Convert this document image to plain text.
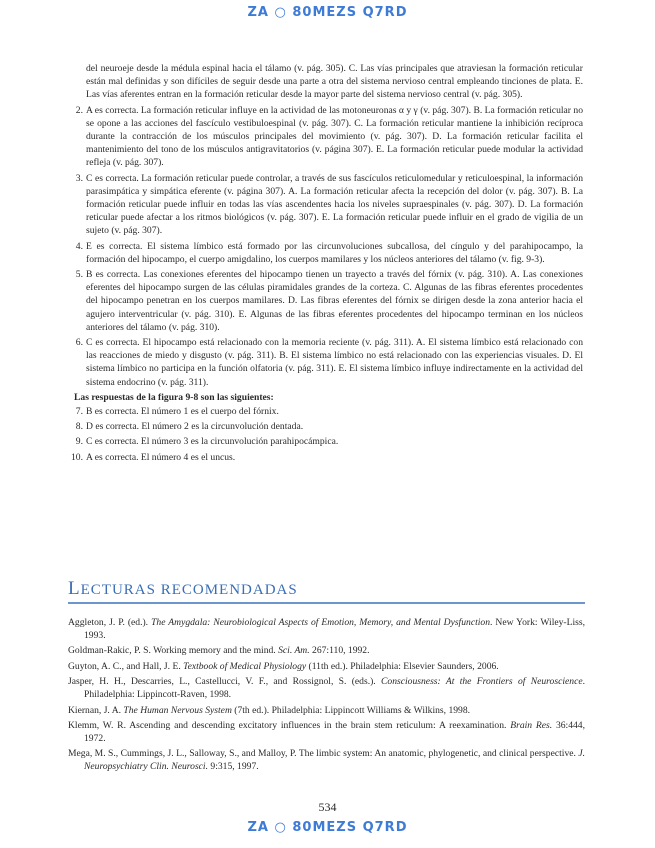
ZA ○ 80MEZS Q7RD

del neuroeje desde la médula espinal hacia el tálamo (v. pág. 305). C. Las vías principales que atraviesan la formación reticular están mal definidas y son difíciles de seguir desde una parte a otra del sistema nervioso central empleando tinciones de plata. E. Las vías aferentes entran en la formación reticular desde la mayor parte del sistema nervioso central (v. pág. 305).

2. A es correcta. La formación reticular influye en la actividad de las motoneuronas α y γ (v. pág. 307). B. La formación reticular no se opone a las acciones del fascículo vestibuloespinal (v. pág. 307). C. La formación reticular mantiene la inhibición recíproca durante la contracción de los músculos principales del movimiento (v. pág. 307). D. La formación reticular facilita el mantenimiento del tono de los músculos antigravitatorios (v. página 307). E. La formación reticular puede modular la actividad refleja (v. pág. 307).

3. C es correcta. La formación reticular puede controlar, a través de sus fascículos reticulomedular y reticuloespinal, la información parasimpática y simpática eferente (v. página 307). A. La formación reticular afecta la recepción del dolor (v. pág. 307). B. La formación reticular puede influir en todas las vías ascendentes hacia los niveles supraespinales (v. pág. 307). D. La formación reticular puede afectar a los ritmos biológicos (v. pág. 307). E. La formación reticular puede influir en el grado de vigilia de un sujeto (v. pág. 307).

4. E es correcta. El sistema límbico está formado por las circunvoluciones subcallosa, del cíngulo y del parahipocampo, la formación del hipocampo, el cuerpo amigdalino, los cuerpos mamilares y los núcleos anteriores del tálamo (v. fig. 9-3).

5. B es correcta. Las conexiones eferentes del hipocampo tienen un trayecto a través del fórnix (v. pág. 310). A. Las conexiones eferentes del hipocampo surgen de las células piramidales grandes de la corteza. C. Algunas de las fibras eferentes procedentes del hipocampo penetran en los cuerpos mamilares. D. Las fibras eferentes del fórnix se dirigen desde la zona anterior hacia el agujero interventricular (v. pág. 310). E. Algunas de las fibras eferentes procedentes del hipocampo terminan en los núcleos anteriores del tálamo (v. pág. 310).

6. C es correcta. El hipocampo está relacionado con la memoria reciente (v. pág. 311). A. El sistema límbico está relacionado con las reacciones de miedo y disgusto (v. pág. 311). B. El sistema límbico no está relacionado con las experiencias visuales. D. El sistema límbico no participa en la función olfatoria (v. pág. 311). E. El sistema límbico influye indirectamente en la actividad del sistema endocrino (v. pág. 311).

Las respuestas de la figura 9-8 son las siguientes:

7. B es correcta. El número 1 es el cuerpo del fórnix.

8. D es correcta. El número 2 es la circunvolución dentada.

9. C es correcta. El número 3 es la circunvolución parahipocámpica.

10. A es correcta. El número 4 es el uncus.

LECTURAS RECOMENDADAS

Aggleton, J. P. (ed.). The Amygdala: Neurobiological Aspects of Emotion, Memory, and Mental Dysfunction. New York: Wiley-Liss, 1993.

Goldman-Rakic, P. S. Working memory and the mind. Sci. Am. 267:110, 1992.

Guyton, A. C., and Hall, J. E. Textbook of Medical Physiology (11th ed.). Philadelphia: Elsevier Saunders, 2006.

Jasper, H. H., Descarries, L., Castellucci, V. F., and Rossignol, S. (eds.). Consciousness: At the Frontiers of Neuroscience. Philadelphia: Lippincott-Raven, 1998.

Kiernan, J. A. The Human Nervous System (7th ed.). Philadelphia: Lippincott Williams & Wilkins, 1998.

Klemm, W. R. Ascending and descending excitatory influences in the brain stem reticulum: A reexamination. Brain Res. 36:444, 1972.

Mega, M. S., Cummings, J. L., Salloway, S., and Malloy, P. The limbic system: An anatomic, phylogenetic, and clinical perspective. J. Neuropsychiatry Clin. Neurosci. 9:315, 1997.

534
ZA ○ 80MEZS Q7RD
